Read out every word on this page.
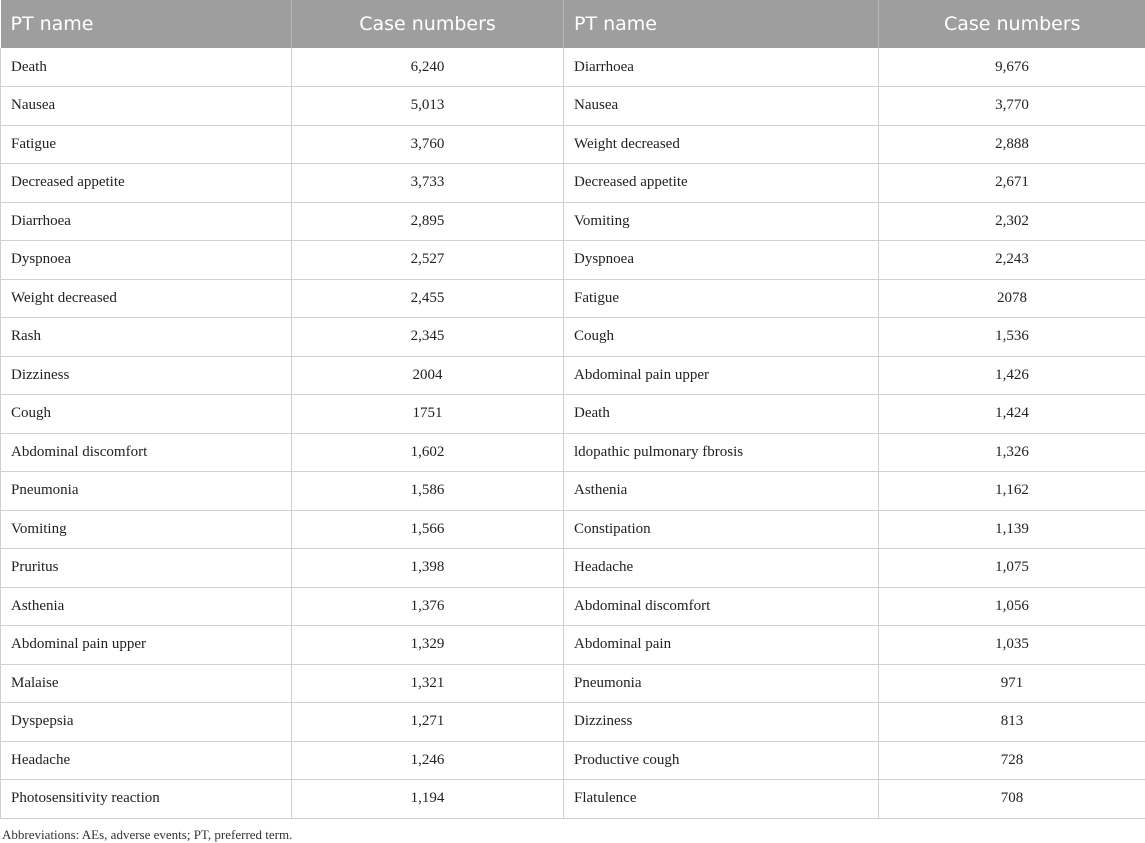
PT name	Case numbers	PT name	Case numbers
Death	6,240	Diarrhoea	9,676
Nausea	5,013	Nausea	3,770
Fatigue	3,760	Weight decreased	2,888
Decreased appetite	3,733	Decreased appetite	2,671
Diarrhoea	2,895	Vomiting	2,302
Dyspnoea	2,527	Dyspnoea	2,243
Weight decreased	2,455	Fatigue	2078
Rash	2,345	Cough	1,536
Dizziness	2004	Abdominal pain upper	1,426
Cough	1751	Death	1,424
Abdominal discomfort	1,602	ldopathic pulmonary fbrosis	1,326
Pneumonia	1,586	Asthenia	1,162
Vomiting	1,566	Constipation	1,139
Pruritus	1,398	Headache	1,075
Asthenia	1,376	Abdominal discomfort	1,056
Abdominal pain upper	1,329	Abdominal pain	1,035
Malaise	1,321	Pneumonia	971
Dyspepsia	1,271	Dizziness	813
Headache	1,246	Productive cough	728
Photosensitivity reaction	1,194	Flatulence	708
Abbreviations: AEs, adverse events; PT, preferred term.
